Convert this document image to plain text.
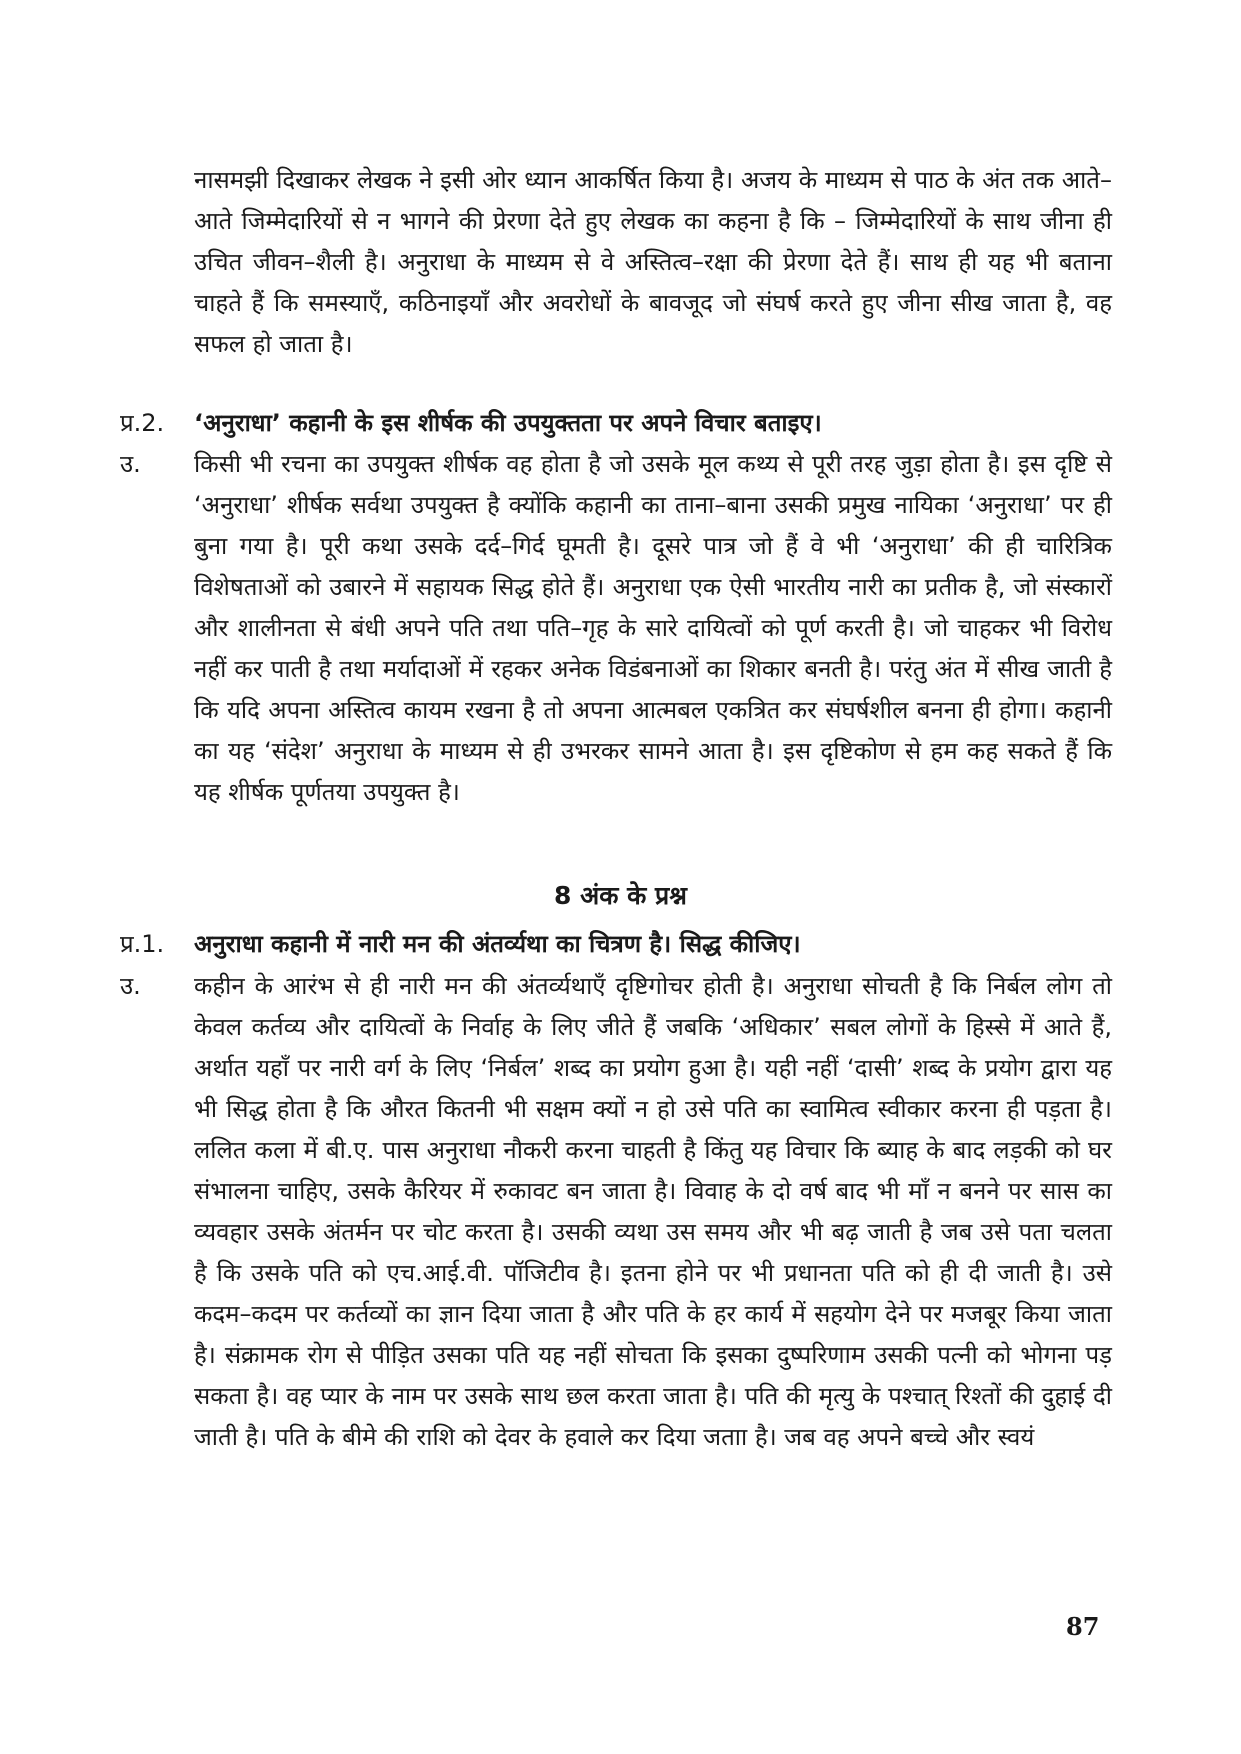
नासमझी दिखाकर लेखक ने इसी ओर ध्यान आकर्षित किया है। अजय के माध्यम से पाठ के अंत तक आते–आते जिम्मेदारियों से न भागने की प्रेरणा देते हुए लेखक का कहना है कि – जिम्मेदारियों के साथ जीना ही उचित जीवन–शैली है। अनुराधा के माध्यम से वे अस्तित्व–रक्षा की प्रेरणा देते हैं। साथ ही यह भी बताना चाहते हैं कि समस्याएँ, कठिनाइयाँ और अवरोधों के बावजूद जो संघर्ष करते हुए जीना सीख जाता है, वह सफल हो जाता है।

प्र.2. ‘अनुराधा’ कहानी के इस शीर्षक की उपयुक्तता पर अपने विचार बताइए।
उ. किसी भी रचना का उपयुक्त शीर्षक वह होता है जो उसके मूल कथ्य से पूरी तरह जुड़ा होता है। इस दृष्टि से ‘अनुराधा’ शीर्षक सर्वथा उपयुक्त है क्योंकि कहानी का ताना–बाना उसकी प्रमुख नायिका ‘अनुराधा’ पर ही बुना गया है। पूरी कथा उसके दर्द–गिर्द घूमती है। दूसरे पात्र जो हैं वे भी ‘अनुराधा’ की ही चारित्रिक विशेषताओं को उबारने में सहायक सिद्ध होते हैं। अनुराधा एक ऐसी भारतीय नारी का प्रतीक है, जो संस्कारों और शालीनता से बंधी अपने पति तथा पति–गृह के सारे दायित्वों को पूर्ण करती है। जो चाहकर भी विरोध नहीं कर पाती है तथा मर्यादाओं में रहकर अनेक विडंबनाओं का शिकार बनती है। परंतु अंत में सीख जाती है कि यदि अपना अस्तित्व कायम रखना है तो अपना आत्मबल एकत्रित कर संघर्षशील बनना ही होगा। कहानी का यह ‘संदेश’ अनुराधा के माध्यम से ही उभरकर सामने आता है। इस दृष्टिकोण से हम कह सकते हैं कि यह शीर्षक पूर्णतया उपयुक्त है।

8 अंक के प्रश्न
प्र.1. अनुराधा कहानी में नारी मन की अंतर्व्यथा का चित्रण है। सिद्ध कीजिए।
उ. कहीन के आरंभ से ही नारी मन की अंतर्व्यथाएँ दृष्टिगोचर होती है। अनुराधा सोचती है कि निर्बल लोग तो केवल कर्तव्य और दायित्वों के निर्वाह के लिए जीते हैं जबकि ‘अधिकार’ सबल लोगों के हिस्से में आते हैं, अर्थात यहाँ पर नारी वर्ग के लिए ‘निर्बल’ शब्द का प्रयोग हुआ है। यही नहीं ‘दासी’ शब्द के प्रयोग द्वारा यह भी सिद्ध होता है कि औरत कितनी भी सक्षम क्यों न हो उसे पति का स्वामित्व स्वीकार करना ही पड़ता है। ललित कला में बी.ए. पास अनुराधा नौकरी करना चाहती है किंतु यह विचार कि ब्याह के बाद लड़की को घर संभालना चाहिए, उसके कैरियर में रुकावट बन जाता है। विवाह के दो वर्ष बाद भी माँ न बनने पर सास का व्यवहार उसके अंतर्मन पर चोट करता है। उसकी व्यथा उस समय और भी बढ़ जाती है जब उसे पता चलता है कि उसके पति को एच.आई.वी. पॉजिटीव है। इतना होने पर भी प्रधानता पति को ही दी जाती है। उसे कदम–कदम पर कर्तव्यों का ज्ञान दिया जाता है और पति के हर कार्य में सहयोग देने पर मजबूर किया जाता है। संक्रामक रोग से पीड़ित उसका पति यह नहीं सोचता कि इसका दुष्परिणाम उसकी पत्नी को भोगना पड़ सकता है। वह प्यार के नाम पर उसके साथ छल करता जाता है। पति की मृत्यु के पश्चात् रिश्तों की दुहाई दी जाती है। पति के बीमे की राशि को देवर के हवाले कर दिया जताा है। जब वह अपने बच्चे और स्वयं

87
